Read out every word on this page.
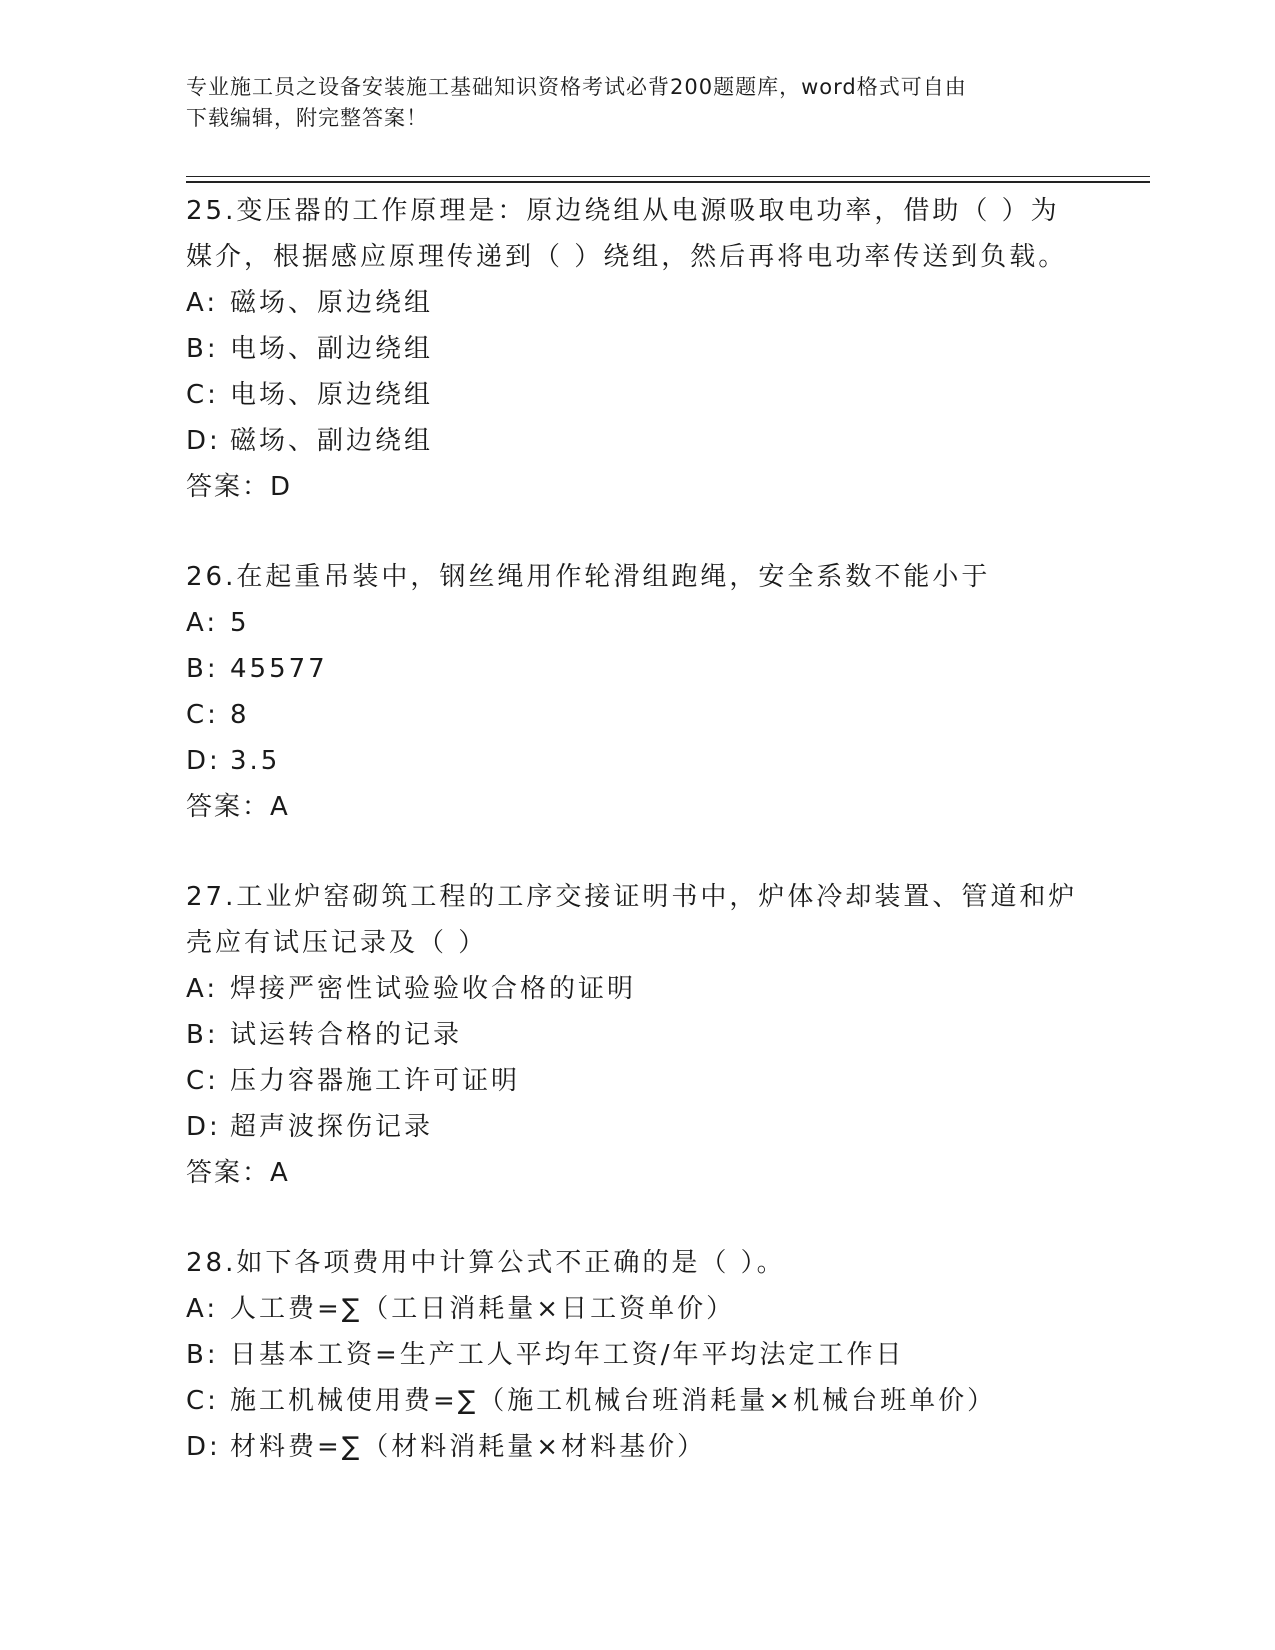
专业施工员之设备安装施工基础知识资格考试必背200题题库，word格式可自由
下载编辑，附完整答案！

25.变压器的工作原理是：原边绕组从电源吸取电功率，借助（ ）为媒介，根据感应原理传递到（ ）绕组，然后再将电功率传送到负载。

A: 磁场、原边绕组
B: 电场、副边绕组
C: 电场、原边绕组
D: 磁场、副边绕组
答案：D

26.在起重吊装中，钢丝绳用作轮滑组跑绳，安全系数不能小于

A: 5
B: 45577
C: 8
D: 3.5
答案：A

27.工业炉窑砌筑工程的工序交接证明书中，炉体冷却装置、管道和炉壳应有试压记录及（ ）

A: 焊接严密性试验验收合格的证明
B: 试运转合格的记录
C: 压力容器施工许可证明
D: 超声波探伤记录
答案：A

28.如下各项费用中计算公式不正确的是（ ）。

A: 人工费=∑（工日消耗量×日工资单价）
B: 日基本工资=生产工人平均年工资/年平均法定工作日
C: 施工机械使用费=∑（施工机械台班消耗量×机械台班单价）
D: 材料费=∑（材料消耗量×材料基价）
